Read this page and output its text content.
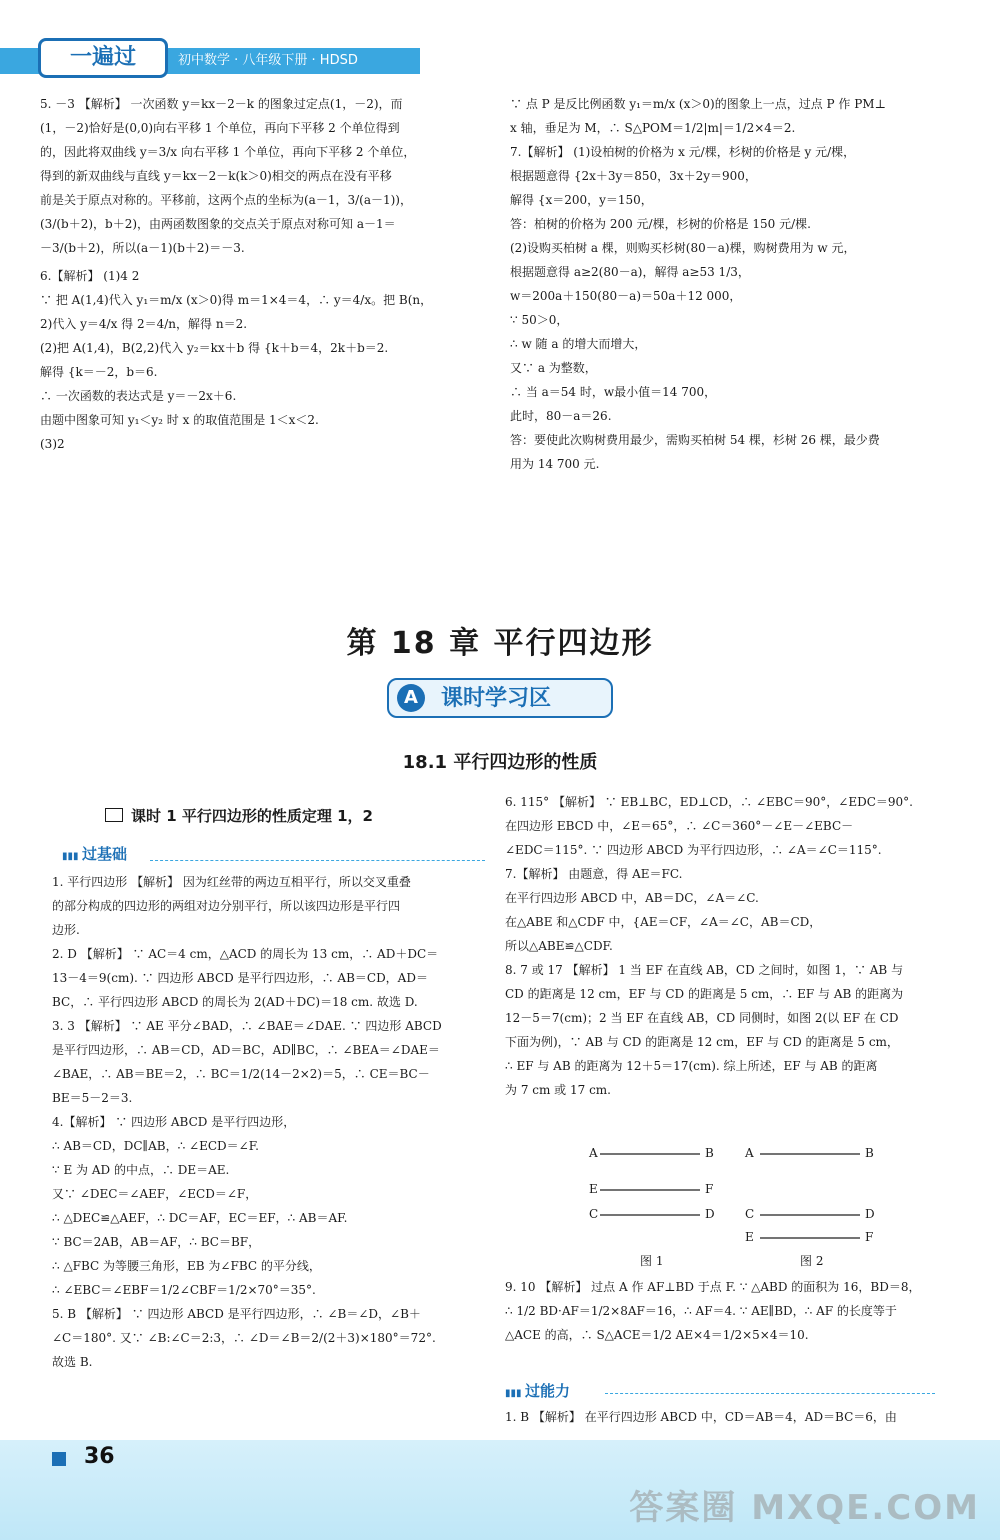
一遍过	初中数学 · 八年级下册 · HDSD

5. －3 【解析】 一次函数 y＝kx－2－k 的图象过定点(1，－2)，而

(1，－2)恰好是(0,0)向右平移 1 个单位，再向下平移 2 个单位得到

的，因此将双曲线 y＝3/x 向右平移 1 个单位，再向下平移 2 个单位，

得到的新双曲线与直线 y＝kx－2－k(k＞0)相交的两点在没有平移

前是关于原点对称的。平移前，这两个点的坐标为(a－1，3/(a－1))，

(3/(b＋2)，b＋2)，由两函数图象的交点关于原点对称可知 a－1＝

－3/(b＋2)，所以(a－1)(b＋2)＝－3.

6.【解析】 (1)4 2

∵ 把 A(1,4)代入 y₁＝m/x (x＞0)得 m＝1×4＝4，∴ y＝4/x。把 B(n，

2)代入 y＝4/x 得 2＝4/n，解得 n＝2.

(2)把 A(1,4)，B(2,2)代入 y₂＝kx＋b 得 {k＋b＝4，2k＋b＝2.

解得 {k＝－2，b＝6.

∴ 一次函数的表达式是 y＝－2x＋6.

由题中图象可知 y₁＜y₂ 时 x 的取值范围是 1＜x＜2.

(3)2

∵ 点 P 是反比例函数 y₁＝m/x (x＞0)的图象上一点，过点 P 作 PM⊥

x 轴，垂足为 M，∴ S△POM＝1/2|m|＝1/2×4＝2.

7.【解析】 (1)设柏树的价格为 x 元/棵，杉树的价格是 y 元/棵，

根据题意得 {2x＋3y＝850，3x＋2y＝900，

解得 {x＝200，y＝150，

答：柏树的价格为 200 元/棵，杉树的价格是 150 元/棵.

(2)设购买柏树 a 棵，则购买杉树(80－a)棵，购树费用为 w 元，

根据题意得 a≥2(80－a)，解得 a≥53 1/3，

w＝200a＋150(80－a)＝50a＋12 000，

∵ 50＞0，

∴ w 随 a 的增大而增大，

又∵ a 为整数，

∴ 当 a＝54 时，w最小值＝14 700，

此时，80－a＝26.

答：要使此次购树费用最少，需购买柏树 54 棵，杉树 26 棵，最少费

用为 14 700 元.

第 18 章 平行四边形
A	课时学习区
18.1 平行四边形的性质
课时 1 平行四边形的性质定理 1，2
▮▮▮ 过基础

1. 平行四边形 【解析】 因为红丝带的两边互相平行，所以交叉重叠

的部分构成的四边形的两组对边分别平行，所以该四边形是平行四

边形.

2. D 【解析】 ∵ AC＝4 cm，△ACD 的周长为 13 cm，∴ AD＋DC＝

13－4＝9(cm). ∵ 四边形 ABCD 是平行四边形，∴ AB＝CD，AD＝

BC，∴ 平行四边形 ABCD 的周长为 2(AD＋DC)＝18 cm. 故选 D.

3. 3 【解析】 ∵ AE 平分∠BAD，∴ ∠BAE＝∠DAE. ∵ 四边形 ABCD

是平行四边形，∴ AB＝CD，AD＝BC，AD∥BC，∴ ∠BEA＝∠DAE＝

∠BAE，∴ AB＝BE＝2，∴ BC＝1/2(14－2×2)＝5，∴ CE＝BC－

BE＝5－2＝3.

4.【解析】 ∵ 四边形 ABCD 是平行四边形，

∴ AB＝CD，DC∥AB，∴ ∠ECD＝∠F.

∵ E 为 AD 的中点，∴ DE＝AE.

又∵ ∠DEC＝∠AEF，∠ECD＝∠F，

∴ △DEC≌△AEF，∴ DC＝AF，EC＝EF，∴ AB＝AF.

∵ BC＝2AB，AB＝AF，∴ BC＝BF，

∴ △FBC 为等腰三角形，EB 为∠FBC 的平分线，

∴ ∠EBC＝∠EBF＝1/2∠CBF＝1/2×70°＝35°.

5. B 【解析】 ∵ 四边形 ABCD 是平行四边形，∴ ∠B＝∠D，∠B＋

∠C＝180°. 又∵ ∠B:∠C＝2:3，∴ ∠D＝∠B＝2/(2＋3)×180°＝72°.

故选 B.

6. 115° 【解析】 ∵ EB⊥BC，ED⊥CD，∴ ∠EBC＝90°，∠EDC＝90°.

在四边形 EBCD 中，∠E＝65°，∴ ∠C＝360°－∠E－∠EBC－

∠EDC＝115°. ∵ 四边形 ABCD 为平行四边形，∴ ∠A＝∠C＝115°.

7.【解析】 由题意，得 AE＝FC.

在平行四边形 ABCD 中，AB＝DC，∠A＝∠C.

在△ABE 和△CDF 中，{AE＝CF，∠A＝∠C，AB＝CD，

所以△ABE≌△CDF.

8. 7 或 17 【解析】 1 当 EF 在直线 AB，CD 之间时，如图 1，∵ AB 与

CD 的距离是 12 cm，EF 与 CD 的距离是 5 cm，∴ EF 与 AB 的距离为

12－5＝7(cm)；2 当 EF 在直线 AB，CD 同侧时，如图 2(以 EF 在 CD

下面为例)，∵ AB 与 CD 的距离是 12 cm，EF 与 CD 的距离是 5 cm，

∴ EF 与 AB 的距离为 12＋5＝17(cm). 综上所述，EF 与 AB 的距离

为 7 cm 或 17 cm.

A	B
E	F
C	D
A	B
C	D
E	F
图 1	图 2

9. 10 【解析】 过点 A 作 AF⊥BD 于点 F. ∵ △ABD 的面积为 16，BD＝8，

∴ 1/2 BD·AF＝1/2×8AF＝16，∴ AF＝4. ∵ AE∥BD，∴ AF 的长度等于

△ACE 的高，∴ S△ACE＝1/2 AE×4＝1/2×5×4＝10.

▮▮▮ 过能力

1. B 【解析】 在平行四边形 ABCD 中，CD＝AB＝4，AD＝BC＝6，由

36
答案圈 MXQE.COM
